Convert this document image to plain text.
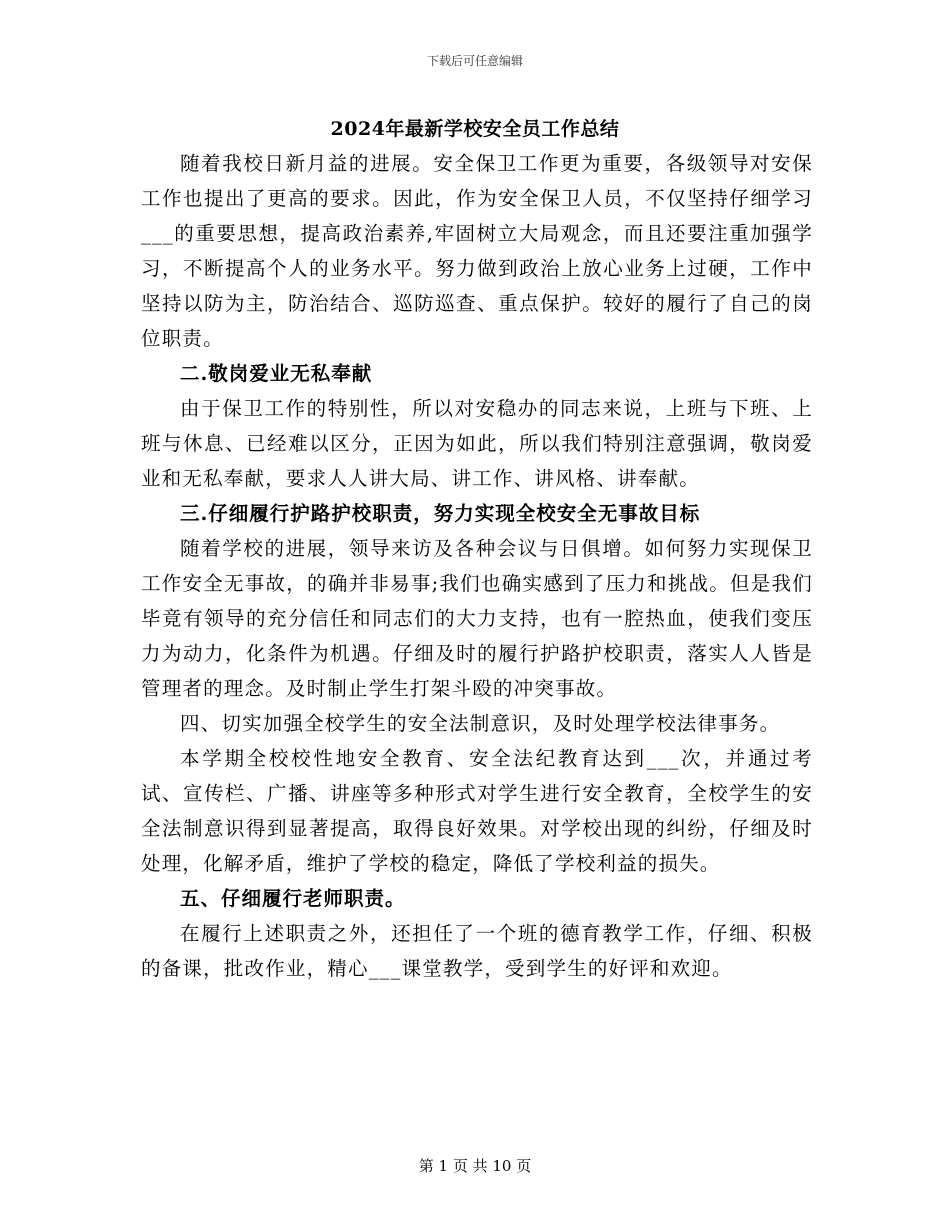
下载后可任意编辑
2024年最新学校安全员工作总结

随着我校日新月益的进展。安全保卫工作更为重要，各级领导对安保工作也提出了更高的要求。因此，作为安全保卫人员，不仅坚持仔细学习___的重要思想，提高政治素养,牢固树立大局观念，而且还要注重加强学习，不断提高个人的业务水平。努力做到政治上放心业务上过硬，工作中坚持以防为主，防治结合、巡防巡查、重点保护。较好的履行了自己的岗位职责。

二.敬岗爱业无私奉献

由于保卫工作的特别性，所以对安稳办的同志来说，上班与下班、上班与休息、已经难以区分，正因为如此，所以我们特别注意强调，敬岗爱业和无私奉献，要求人人讲大局、讲工作、讲风格、讲奉献。

三.仔细履行护路护校职责，努力实现全校安全无事故目标

随着学校的进展，领导来访及各种会议与日俱增。如何努力实现保卫工作安全无事故，的确并非易事;我们也确实感到了压力和挑战。但是我们毕竟有领导的充分信任和同志们的大力支持，也有一腔热血，使我们变压力为动力，化条件为机遇。仔细及时的履行护路护校职责，落实人人皆是管理者的理念。及时制止学生打架斗殴的冲突事故。

四、切实加强全校学生的安全法制意识，及时处理学校法律事务。

本学期全校校性地安全教育、安全法纪教育达到___次，并通过考试、宣传栏、广播、讲座等多种形式对学生进行安全教育，全校学生的安全法制意识得到显著提高，取得良好效果。对学校出现的纠纷，仔细及时处理，化解矛盾，维护了学校的稳定，降低了学校利益的损失。

五、仔细履行老师职责。

在履行上述职责之外，还担任了一个班的德育教学工作，仔细、积极的备课，批改作业，精心___课堂教学，受到学生的好评和欢迎。

第 1 页 共 10 页
